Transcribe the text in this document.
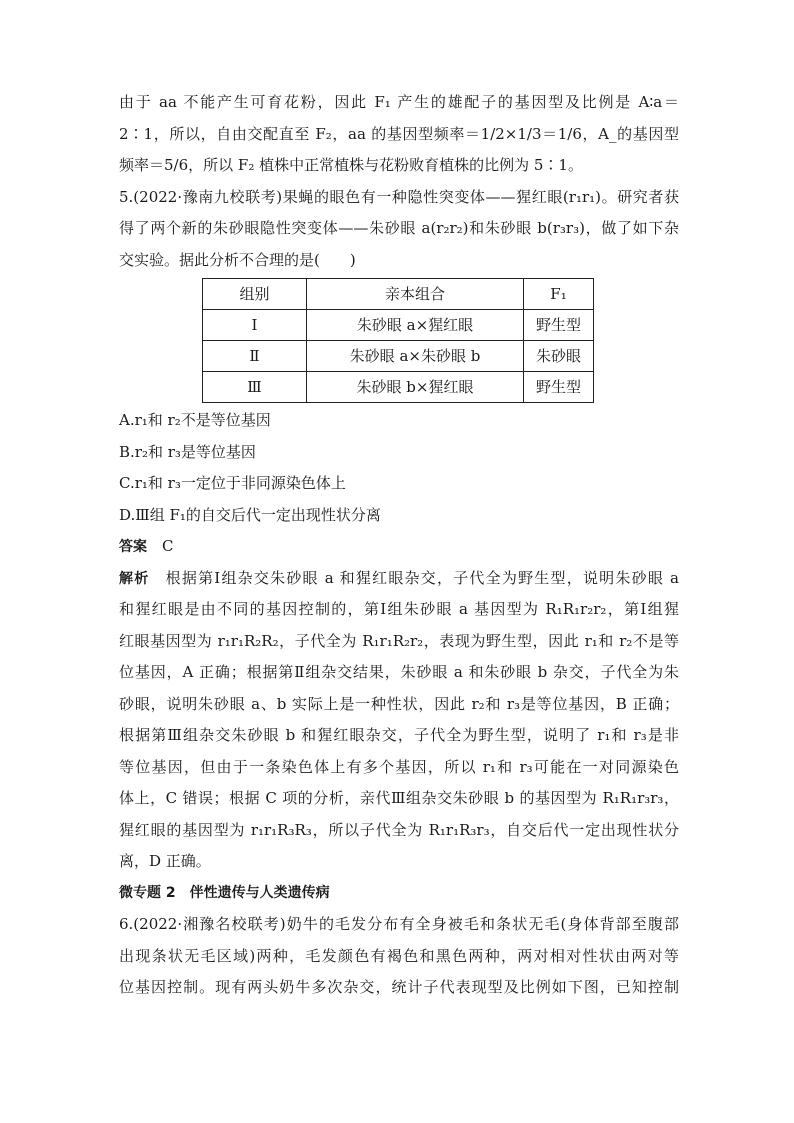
由于 aa 不能产生可育花粉，因此 F₁ 产生的雄配子的基因型及比例是 A∶a＝
2∶1，所以，自由交配直至 F₂，aa 的基因型频率＝1/2×1/3＝1/6，A_的基因型
频率＝5/6，所以 F₂ 植株中正常植株与花粉败育植株的比例为 5∶1。
5.(2022·豫南九校联考)果蝇的眼色有一种隐性突变体——猩红眼(r₁r₁)。研究者获
得了两个新的朱砂眼隐性突变体——朱砂眼 a(r₂r₂)和朱砂眼 b(r₃r₃)，做了如下杂
交实验。据此分析不合理的是(　　)
组别	亲本组合	F₁
Ⅰ	朱砂眼 a×猩红眼	野生型
Ⅱ	朱砂眼 a×朱砂眼 b	朱砂眼
Ⅲ	朱砂眼 b×猩红眼	野生型
A.r₁和 r₂不是等位基因
B.r₂和 r₃是等位基因
C.r₁和 r₃一定位于非同源染色体上
D.Ⅲ组 F₁的自交后代一定出现性状分离
答案　 C
解析　 根据第Ⅰ组杂交朱砂眼 a 和猩红眼杂交，子代全为野生型，说明朱砂眼 a
和猩红眼是由不同的基因控制的，第Ⅰ组朱砂眼 a 基因型为 R₁R₁r₂r₂，第Ⅰ组猩
红眼基因型为 r₁r₁R₂R₂，子代全为 R₁r₁R₂r₂，表现为野生型，因此 r₁和 r₂不是等
位基因，A 正确；根据第Ⅱ组杂交结果，朱砂眼 a 和朱砂眼 b 杂交，子代全为朱
砂眼，说明朱砂眼 a、b 实际上是一种性状，因此 r₂和 r₃是等位基因，B 正确；
根据第Ⅲ组杂交朱砂眼 b 和猩红眼杂交，子代全为野生型，说明了 r₁和 r₃是非
等位基因，但由于一条染色体上有多个基因，所以 r₁和 r₃可能在一对同源染色
体上，C 错误；根据 C 项的分析，亲代Ⅲ组杂交朱砂眼 b 的基因型为 R₁R₁r₃r₃，
猩红眼的基因型为 r₁r₁R₃R₃，所以子代全为 R₁r₁R₃r₃，自交后代一定出现性状分
离，D 正确。
微专题 2　伴性遗传与人类遗传病
6.(2022·湘豫名校联考)奶牛的毛发分布有全身被毛和条状无毛(身体背部至腹部
出现条状无毛区域)两种，毛发颜色有褐色和黑色两种，两对相对性状由两对等
位基因控制。现有两头奶牛多次杂交，统计子代表现型及比例如下图，已知控制
